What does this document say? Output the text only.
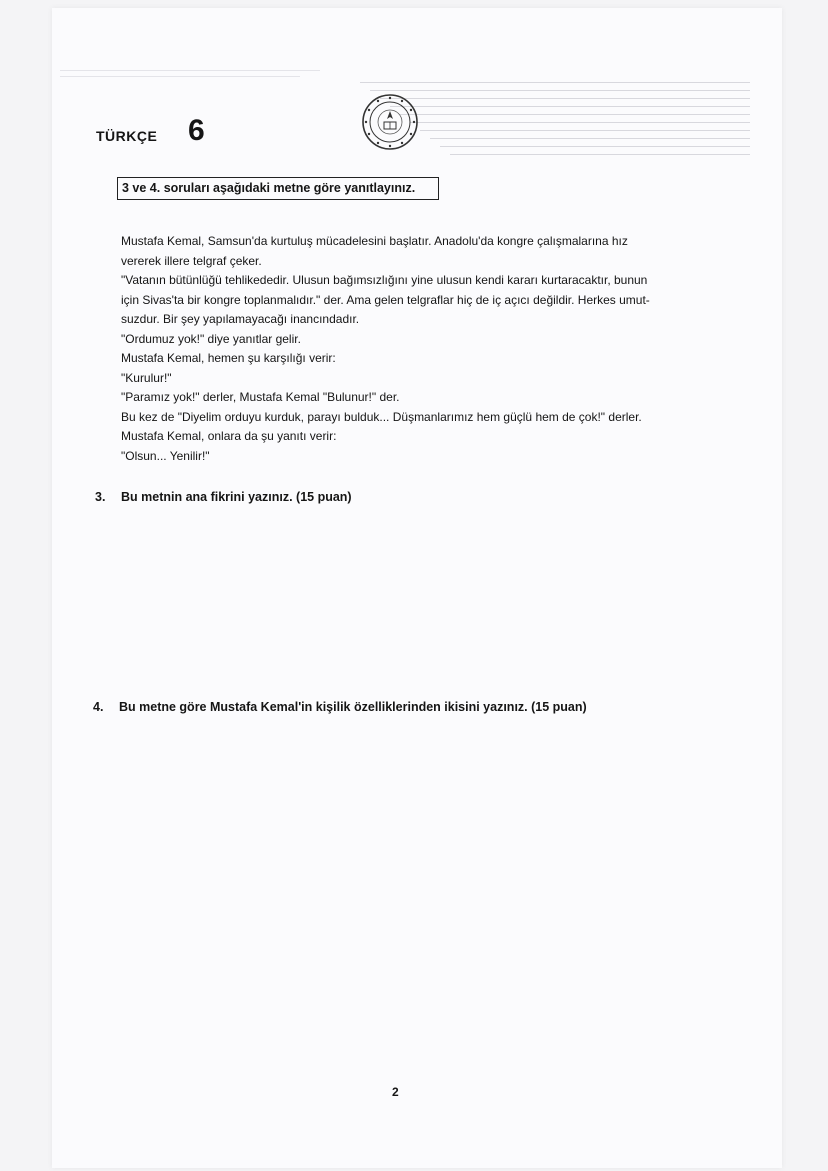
TÜRKÇE 6
3 ve 4. soruları aşağıdaki metne göre yanıtlayınız.

Mustafa Kemal, Samsun'da kurtuluş mücadelesini başlatır. Anadolu'da kongre çalışmalarına hız

vererek illere telgraf çeker.

"Vatanın bütünlüğü tehlikededir. Ulusun bağımsızlığını yine ulusun kendi kararı kurtaracaktır, bunun

için Sivas'ta bir kongre toplanmalıdır." der. Ama gelen telgraflar hiç de iç açıcı değildir. Herkes umut-

suzdur. Bir şey yapılamayacağı inancındadır.

"Ordumuz yok!" diye yanıtlar gelir.

Mustafa Kemal, hemen şu karşılığı verir:

"Kurulur!"

"Paramız yok!" derler, Mustafa Kemal "Bulunur!" der.

Bu kez de "Diyelim orduyu kurduk, parayı bulduk... Düşmanlarımız hem güçlü hem de çok!" derler.

Mustafa Kemal, onlara da şu yanıtı verir:

"Olsun... Yenilir!"

3. Bu metnin ana fikrini yazınız. (15 puan)
4. Bu metne göre Mustafa Kemal'in kişilik özelliklerinden ikisini yazınız. (15 puan)
2
